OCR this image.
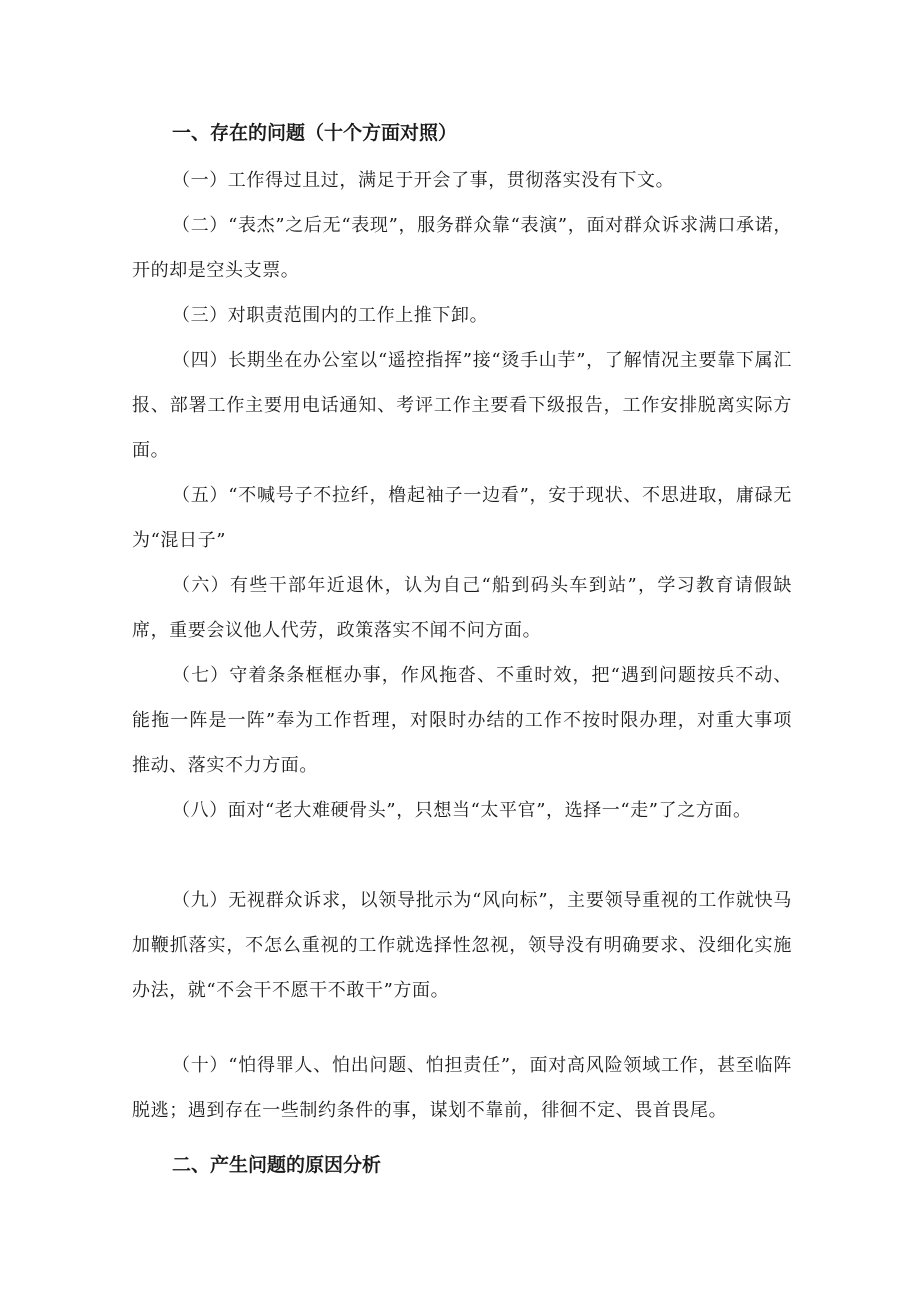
一、存在的问题（十个方面对照）
（一）工作得过且过，满足于开会了事，贯彻落实没有下文。
（二）“表杰”之后无“表现”，服务群众靠“表演”，面对群众诉求满口承诺，开的却是空头支票。
（三）对职责范围内的工作上推下卸。
（四）长期坐在办公室以“遥控指挥”接“烫手山芋”，了解情况主要靠下属汇报、部署工作主要用电话通知、考评工作主要看下级报告，工作安排脱离实际方面。
（五）“不喊号子不拉纤，橹起袖子一边看”，安于现状、不思进取，庸碌无为“混日子”
（六）有些干部年近退休，认为自己“船到码头车到站”，学习教育请假缺席，重要会议他人代劳，政策落实不闻不问方面。
（七）守着条条框框办事，作风拖沓、不重时效，把“遇到问题按兵不动、能拖一阵是一阵”奉为工作哲理，对限时办结的工作不按时限办理，对重大事项推动、落实不力方面。
（八）面对“老大难硬骨头”，只想当“太平官”，选择一“走”了之方面。
（九）无视群众诉求，以领导批示为“风向标”，主要领导重视的工作就快马加鞭抓落实，不怎么重视的工作就选择性忽视，领导没有明确要求、没细化实施办法，就“不会干不愿干不敢干”方面。
（十）“怕得罪人、怕出问题、怕担责任”，面对高风险领域工作，甚至临阵脱逃；遇到存在一些制约条件的事，谋划不靠前，徘徊不定、畏首畏尾。
二、产生问题的原因分析
